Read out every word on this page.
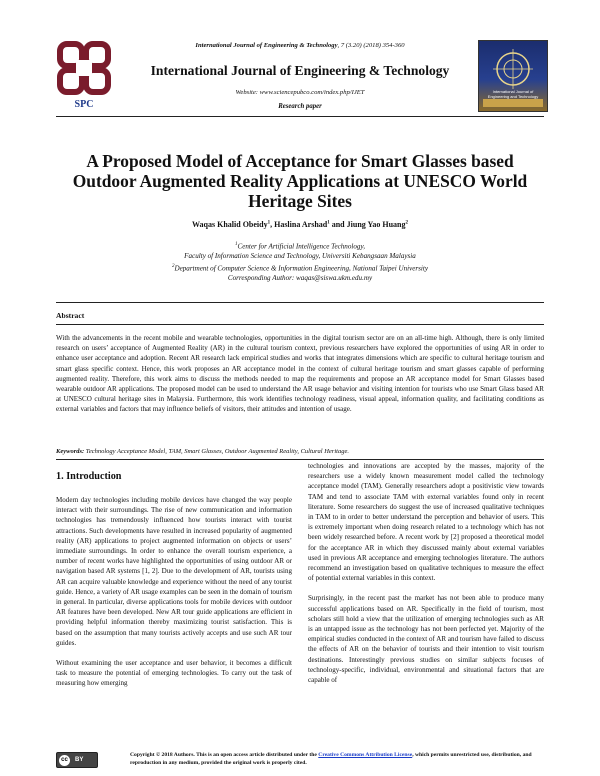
SPC
International Journal of Engineering and Technology
International Journal of Engineering & Technology, 7 (3.20) (2018) 354-360
International Journal of Engineering & Technology
Website: www.sciencepubco.com/index.php/IJET
Research paper
A Proposed Model of Acceptance for Smart Glasses based
Outdoor Augmented Reality Applications at UNESCO World
Heritage Sites
Waqas Khalid Obeidy$^1$, Haslina Arshad$^1$ and Jiung Yao Huang$^2$
$^1$Center for Artificial Intelligence Technology,
Faculty of Information Science and Technology, Universiti Kebangsaan Malaysia
$^2$Department of Computer Science & Information Engineering, National Taipei University
Corresponding Author: waqas@siswa.ukm.edu.my
Abstract
With the advancements in the recent mobile and wearable technologies, opportunities in the digital tourism sector are on an all-time high. Although, there is only limited research on users’ acceptance of Augmented Reality (AR) in the cultural tourism context, previous researchers have explored the opportunities of using AR in order to enhance user acceptance and adoption. Recent AR research lack empirical studies and works that integrates dimensions which are specific to cultural heritage tourism and smart glass specific context. Hence, this work proposes an AR acceptance model in the context of cultural heritage tourism and smart glasses capable of performing augmented reality. Therefore, this work aims to discuss the methods needed to map the requirements and propose an AR acceptance model for Smart Glasses based wearable outdoor AR applications. The proposed model can be used to understand the AR usage behavior and visiting intention for tourists who use Smart Glass based AR at UNESCO cultural heritage sites in Malaysia. Furthermore, this work identifies technology readiness, visual appeal, information quality, and facilitating conditions as external variables and factors that may influence beliefs of visitors, their attitudes and intention of usage.
Keywords: Technology Acceptance Model, TAM, Smart Glasses, Outdoor Augmented Reality, Cultural Heritage.
1. Introduction

Modern day technologies including mobile devices have changed the way people interact with their surroundings. The rise of new communication and information technologies has tremendously influenced how tourists interact with tourist attractions. Such developments have resulted in increased popularity of augmented reality (AR) applications to project augmented information on objects or users’ immediate surroundings. In order to enhance the overall tourism experience, a number of recent works have highlighted the opportunities of using outdoor AR or navigation based AR systems [1, 2]. Due to the development of AR, tourists using AR can acquire valuable knowledge and experience without the need of any tourist guide. Hence, a variety of AR usage examples can be seen in the domain of tourism in general. In particular, diverse applications tools for mobile devices with outdoor AR features have been developed. New AR tour guide applications are efficient in providing helpful information thereby maximizing tourist satisfaction. This is based on the assumption that many tourists actively accepts and use such AR tour guides.

Without examining the user acceptance and user behavior, it becomes a difficult task to measure the potential of emerging technologies. To carry out the task of measuring how emerging

technologies and innovations are accepted by the masses, majority of the researchers use a widely known measurement model called the technology acceptance model (TAM). Generally researchers adopt a positivistic view towards TAM and tend to associate TAM with external variables found only in recent literature. Some researchers do suggest the use of increased qualitative techniques in TAM to in order to better understand the perception and behavior of users. This is extremely important when doing research related to a technology which has not been widely researched before. A recent work by [2] proposed a theoretical model for the acceptance AR in which they discussed mainly about external variables used in previous AR acceptance and emerging technologies literature. The authors recommend an investigation based on qualitative techniques to measure the effect of potential external variables in this context.

Surprisingly, in the recent past the market has not been able to produce many successful applications based on AR. Specifically in the field of tourism, most scholars still hold a view that the utilization of emerging technologies such as AR is an untapped issue as the technology has not been perfected yet. Majority of the empirical studies conducted in the context of AR and tourism have failed to discuss the effects of AR on the behavior of tourists and their intention to visit tourism destinations. Interestingly previous studies on similar subjects focuses of technology-specific, individual, environmental and situational factors that are capable of

cc	BY
Copyright © 2018 Authors. This is an open access article distributed under the Creative Commons Attribution License, which permits unrestricted use, distribution, and reproduction in any medium, provided the original work is properly cited.
